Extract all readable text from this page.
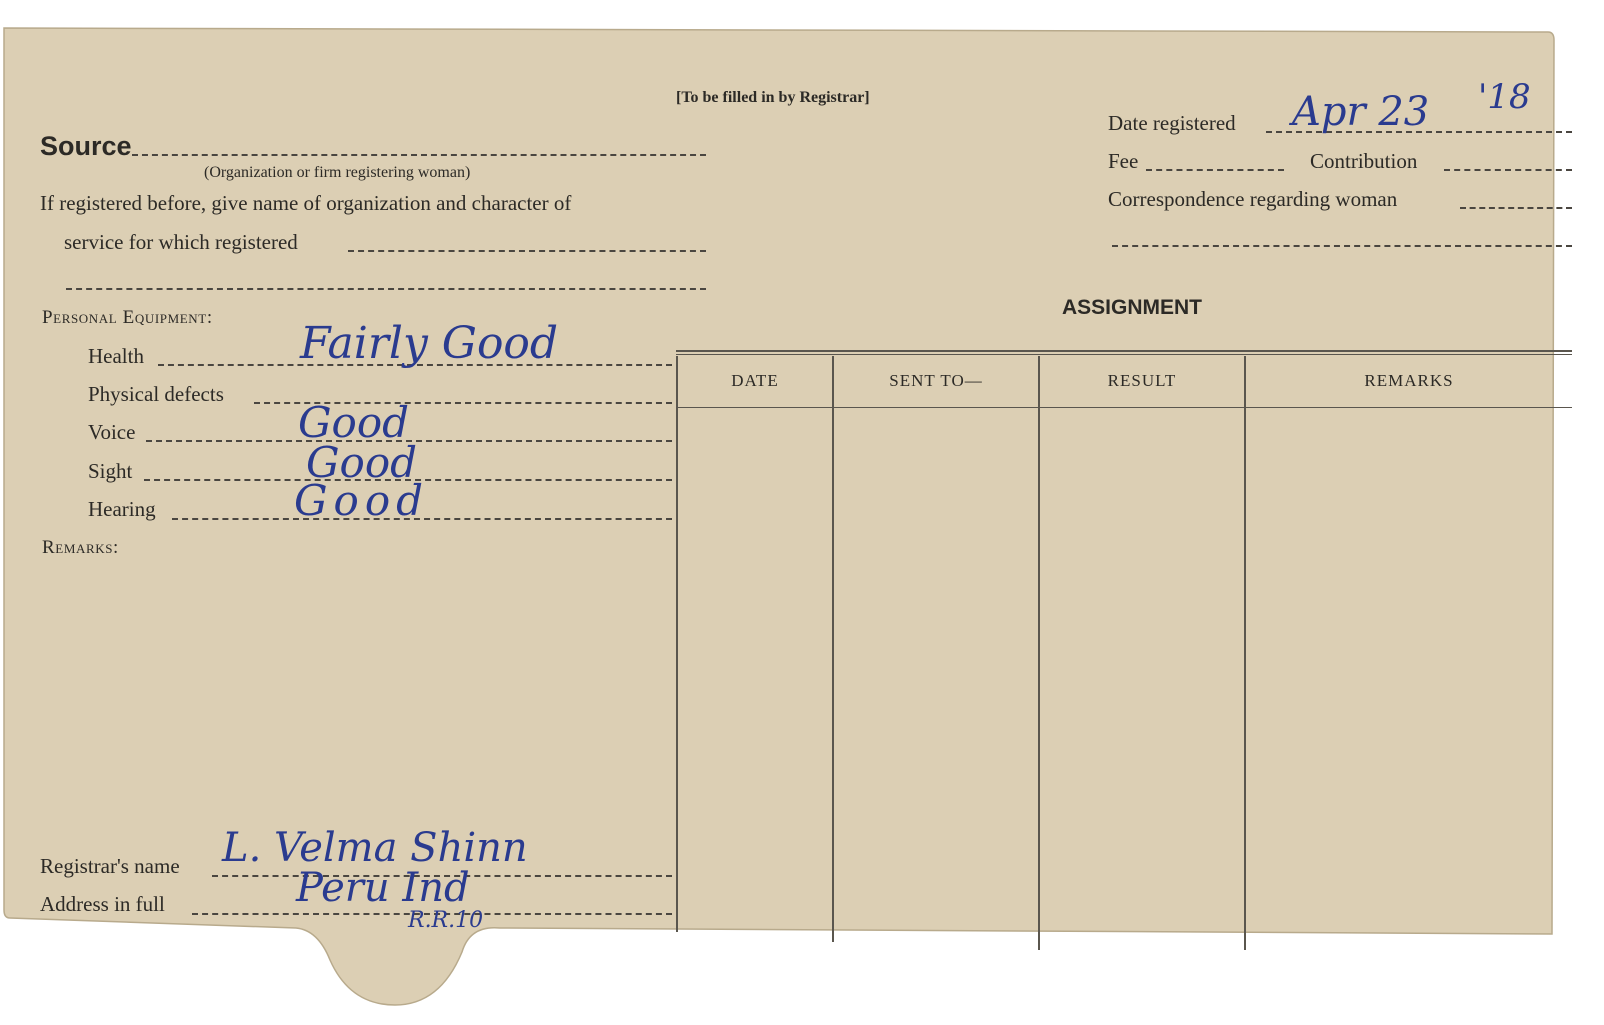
[To be filled in by Registrar]
Source
(Organization or firm registering woman)
If registered before, give name of organization and character of
service for which registered
Personal Equipment:
Health	Fairly Good
Physical defects
Voice	Good
Sight	Good
Hearing	Good
Remarks:
Registrar's name L. Velma Shinn
Address in full	Peru Ind
R.R.10
Date registered Apr 23 '18
Fee	Contribution
Correspondence regarding woman
ASSIGNMENT
DATE	SENT TO—	RESULT	REMARKS
